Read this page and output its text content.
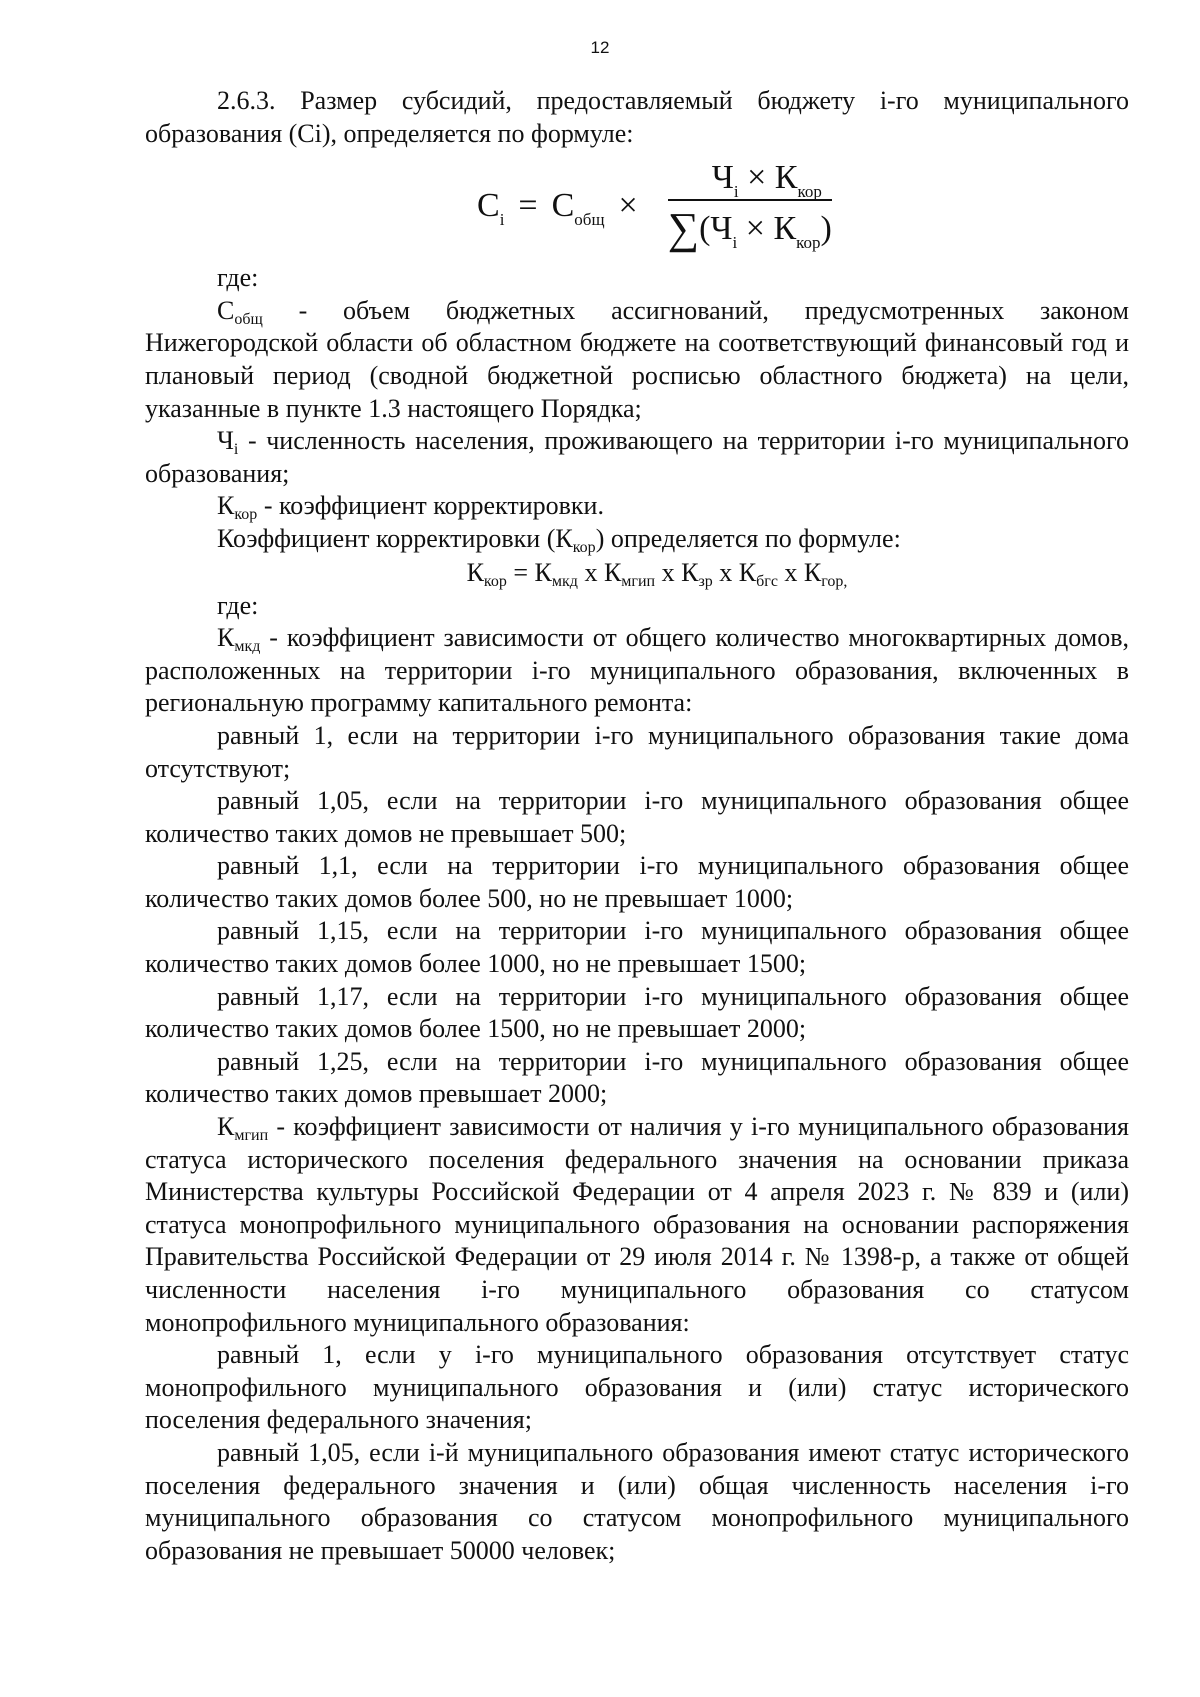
12

2.6.3. Размер субсидий, предоставляемый бюджету i-го муниципального образования (Ci), определяется по формуле:

$C_i = C_{общ} \times \frac{Ч_i \times К_{кор}}{\sum(Ч_i \times К_{кор})}$

где:

Собщ - объем бюджетных ассигнований, предусмотренных законом Нижегородской области об областном бюджете на соответствующий финансовый год и плановый период (сводной бюджетной росписью областного бюджета) на цели, указанные в пункте 1.3 настоящего Порядка;

Чi - численность населения, проживающего на территории i-го муниципального образования;

Ккор - коэффициент корректировки.

Коэффициент корректировки (Ккор) определяется по формуле:

Ккор = Кмкд х Кмгип х Кзр х Кбгс х Кгор,

где:

Кмкд - коэффициент зависимости от общего количество многоквартирных домов, расположенных на территории i-го муниципального образования, включенных в региональную программу капитального ремонта:

равный 1, если на территории i-го муниципального образования такие дома отсутствуют;

равный 1,05, если на территории i-го муниципального образования общее количество таких домов не превышает 500;

равный 1,1, если на территории i-го муниципального образования общее количество таких домов более 500, но не превышает 1000;

равный 1,15, если на территории i-го муниципального образования общее количество таких домов более 1000, но не превышает 1500;

равный 1,17, если на территории i-го муниципального образования общее количество таких домов более 1500, но не превышает 2000;

равный 1,25, если на территории i-го муниципального образования общее количество таких домов превышает 2000;

Кмгип - коэффициент зависимости от наличия у i-го муниципального образования статуса исторического поселения федерального значения на основании приказа Министерства культуры Российской Федерации от 4 апреля 2023 г. № 839 и (или) статуса монопрофильного муниципального образования на основании распоряжения Правительства Российской Федерации от 29 июля 2014 г. № 1398-р, а также от общей численности населения i-го муниципального образования со статусом монопрофильного муниципального образования:

равный 1, если у i-го муниципального образования отсутствует статус монопрофильного муниципального образования и (или) статус исторического поселения федерального значения;

равный 1,05, если i-й муниципального образования имеют статус исторического поселения федерального значения и (или) общая численность населения i-го муниципального образования со статусом монопрофильного муниципального образования не превышает 50000 человек;
